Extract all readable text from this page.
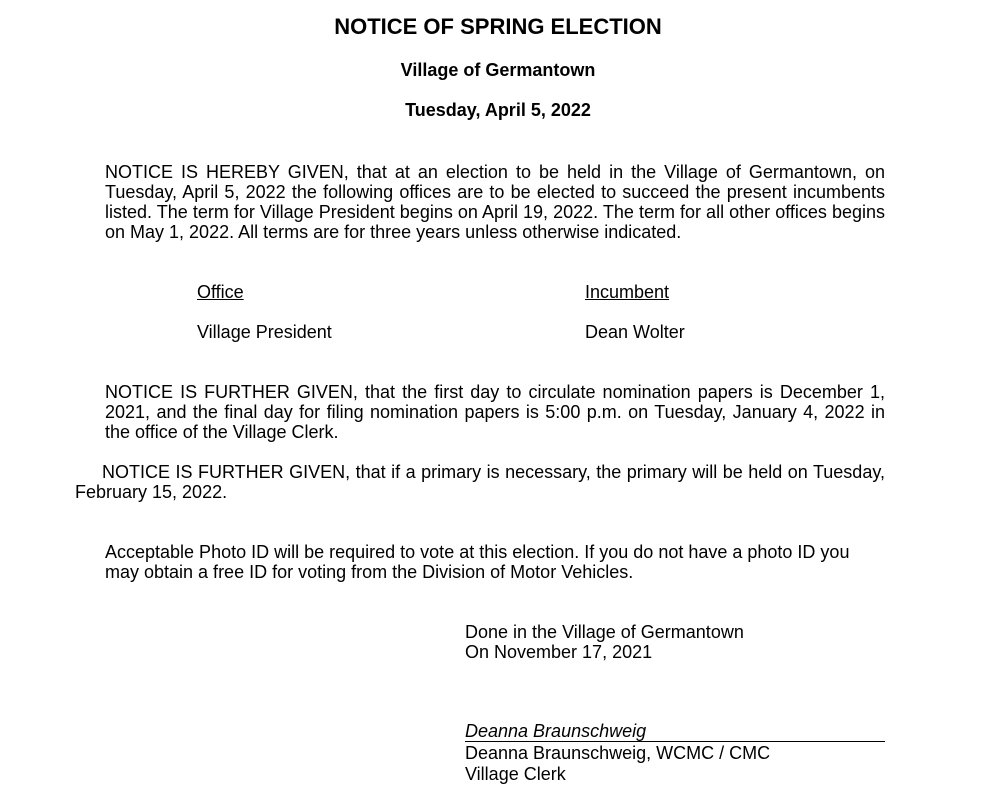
NOTICE OF SPRING ELECTION
Village of Germantown
Tuesday, April 5, 2022

NOTICE IS HEREBY GIVEN, that at an election to be held in the Village of Germantown, on Tuesday, April 5, 2022 the following offices are to be elected to succeed the present incumbents listed. The term for Village President begins on April 19, 2022. The term for all other offices begins on May 1, 2022. All terms are for three years unless otherwise indicated.

Office	Incumbent
Village President	Dean Wolter

NOTICE IS FURTHER GIVEN, that the first day to circulate nomination papers is December 1, 2021, and the final day for filing nomination papers is 5:00 p.m. on Tuesday, January 4, 2022 in the office of the Village Clerk.

NOTICE IS FURTHER GIVEN, that if a primary is necessary, the primary will be held on Tuesday, February 15, 2022.

Acceptable Photo ID will be required to vote at this election. If you do not have a photo ID you may obtain a free ID for voting from the Division of Motor Vehicles.

Done in the Village of Germantown
On November 17, 2021
Deanna Braunschweig
Deanna Braunschweig, WCMC / CMC
Village Clerk
